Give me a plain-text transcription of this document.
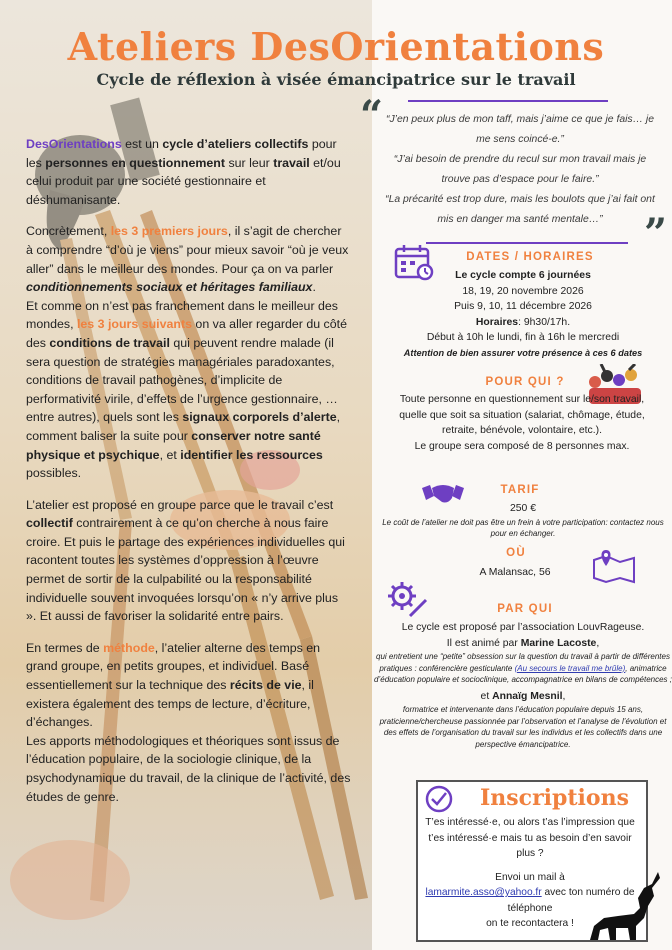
Ateliers DesOrientations
Cycle de réflexion à visée émancipatrice sur le travail

DesOrientations est un cycle d’ateliers collectifs pour les personnes en questionnement sur leur travail et/ou celui produit par une société gestionnaire et déshumanisante.

Concrètement, les 3 premiers jours, il s’agit de chercher à comprendre “d’où je viens” pour mieux savoir “où je veux aller” dans le meilleur des mondes. Pour ça on va parler conditionnements sociaux et héritages familiaux.

Et comme on n’est pas franchement dans le meilleur des mondes, les 3 jours suivants on va aller regarder du côté des conditions de travail qui peuvent rendre malade (il sera question de stratégies managériales paradoxantes, conditions de travail pathogènes, d’implicite de performativité virile, d’effets de l’urgence gestionnaire, … entre autres), quels sont les signaux corporels d’alerte, comment baliser la suite pour conserver notre santé physique et psychique, et identifier les ressources possibles.

L’atelier est proposé en groupe parce que le travail c’est collectif contrairement à ce qu’on cherche à nous faire croire. Et puis le partage des expériences individuelles qui racontent toutes les systèmes d’oppression à l’œuvre permet de sortir de la culpabilité ou la responsabilité individuelle souvent invoquées lorsqu’on « n’y arrive plus ». Et aussi de favoriser la solidarité entre pairs.

En termes de méthode, l’atelier alterne des temps en grand groupe, en petits groupes, et individuel. Basé essentiellement sur la technique des récits de vie, il existera également des temps de lecture, d’écriture, d’échanges.

Les apports méthodologiques et théoriques sont issus de l’éducation populaire, de la sociologie clinique, de la psychodynamique du travail, de la clinique de l’activité, des études de genre.

“
”
“J’en peux plus de mon taff, mais j’aime ce que je fais… je me sens coincé-e.”
“J’ai besoin de prendre du recul sur mon travail mais je trouve pas d’espace pour le faire.”
“La précarité est trop dure, mais les boulots que j’ai fait ont mis en danger ma santé mentale…”
DATES / HORAIRES
Le cycle compte 6 journées
18, 19, 20 novembre 2026
Puis 9, 10, 11 décembre 2026
Horaires: 9h30/17h.
Début à 10h le lundi, fin à 16h le mercredi
Attention de bien assurer votre présence à ces 6 dates
POUR QUI ?
Toute personne en questionnement sur le/son travail, quelle que soit sa situation (salariat, chômage, étude, retraite, bénévole, volontaire, etc.).
Le groupe sera composé de 8 personnes max.
TARIF
250 €
Le coût de l’atelier ne doit pas être un frein à votre participation: contactez nous pour en échanger.
OÙ
A Malansac, 56
PAR QUI
Le cycle est proposé par l’association LouvRageuse.
Il est animé par Marine Lacoste,
qui entretient une “petite” obsession sur la question du travail à partir de différentes pratiques : conférencière gesticulante (Au secours le travail me brûle), animatrice d’éducation populaire et socioclinique, accompagnatrice en bilans de compétences ;
et Annaïg Mesnil,
formatrice et intervenante dans l’éducation populaire depuis 15 ans, praticienne/chercheuse passionnée par l’observation et l’analyse de l’évolution et des effets de l’organisation du travail sur les individus et les collectifs dans une perspective émancipatrice.
Inscriptions
T’es intéressé·e, ou alors t’as l’impression que t’es intéressé·e mais tu as besoin d’en savoir plus ?
Envoi un mail à
lamarmite.asso@yahoo.fr avec ton numéro de téléphone
on te recontactera !
